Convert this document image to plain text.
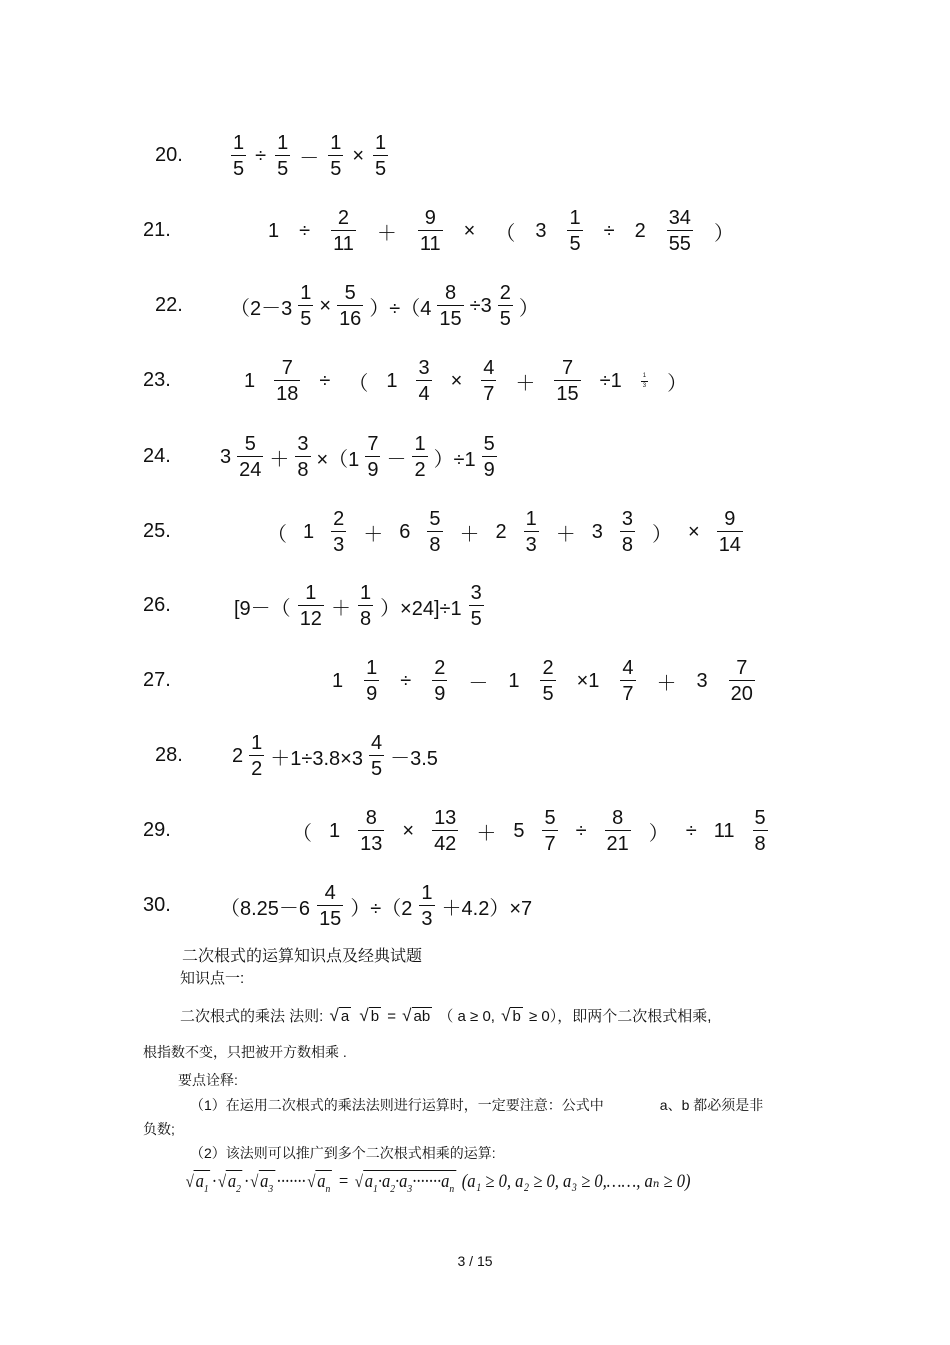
20. $\frac{1}{5} \div \frac{1}{5} - \frac{1}{5} \times \frac{1}{5}$
21.	$1 \div \frac{2}{11} + \frac{9}{11}$ × （ $3 \frac{1}{5} \div 2 \frac{34}{55}$ ）
22. $(2-3 \frac{1}{5} \times \frac{5}{16} )\div(4 \frac{8}{15} \div 3 \frac{2}{5}$ ）
23.	$1 \frac{7}{18}$ ÷ （ $1 \frac{3}{4} \times \frac{4}{7} + \frac{7}{15} \div 1$	$\frac{1}{3}$ ）
24. $3 \frac{5}{24} + \frac{3}{8} \times(1 \frac{7}{9} - \frac{1}{2} )\div 1 \frac{5}{9}$
25.	（ $1 \frac{2}{3} + 6 \frac{5}{8} + 2 \frac{1}{3} + 3 \frac{3}{8}$ ） × $\frac{9}{14}$
26.	$[9-( \frac{1}{12} + \frac{1}{8} )\times 24]\div 1 \frac{3}{5}$
27.	$1 \frac{1}{9} \div \frac{2}{9} - 1 \frac{2}{5} \times 1 \frac{4}{7} + 3 \frac{7}{20}$
28. $2 \frac{1}{2} +1\div 3.8\times 3 \frac{4}{5} -3.5$
29.	（ $1 \frac{8}{13} \times \frac{13}{42} + 5 \frac{5}{7} \div \frac{8}{21}$ ） ÷ $11 \frac{5}{8}$
30. $(8.25-6 \frac{4}{15} )\div(2 \frac{1}{3} +4.2)\times 7$
二次根式的运算知识点及经典试题
知识点一:
二次根式的乘法 法则: √ a √ b = √ ab （ a ≥ 0, √ b ≥ 0），即两个二次根式相乘,
根指数不变，只把被开方数相乘 .
要点诠释:
（1）在运用二次根式的乘法法则进行运算时，一定要注意：公式中	a、b 都必须是非
负数;
（2）该法则可以推广到多个二次根式相乘的运算:
$√a_1 \cdot √a_2 \cdot √a_3$ ······· $√a_n = √a_1\cdot a_2\cdot a_3\cdot\cdot\cdot\cdot\cdot\cdot\cdot a_n$ (a₁ ≥ 0, a₂ ≥ 0, a₃ ≥ 0,……, aₙ ≥ 0)
3 / 15
